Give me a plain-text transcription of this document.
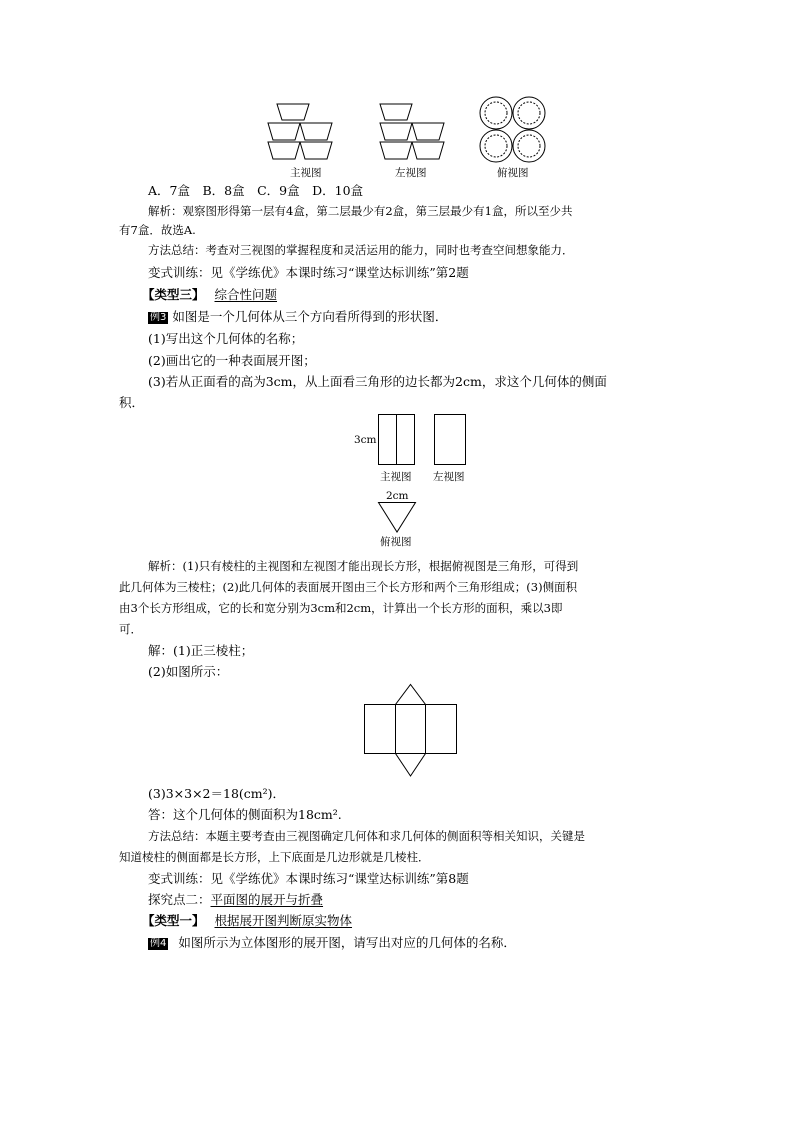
主视图	左视图	俯视图
A．7盒　B．8盒　C．9盒　D．10盒
解析：观察图形得第一层有4盒，第二层最少有2盒，第三层最少有1盒，所以至少共
有7盒．故选A.
方法总结：考查对三视图的掌握程度和灵活运用的能力，同时也考查空间想象能力．
变式训练：见《学练优》本课时练习“课堂达标训练”第2题
【类型三】 综合性问题
例3 如图是一个几何体从三个方向看所得到的形状图．
(1)写出这个几何体的名称；
(2)画出它的一种表面展开图；
(3)若从正面看的高为3cm，从上面看三角形的边长都为2cm，求这个几何体的侧面
积．
3cm
主视图 左视图
2cm
俯视图
解析：(1)只有棱柱的主视图和左视图才能出现长方形，根据俯视图是三角形，可得到
此几何体为三棱柱；(2)此几何体的表面展开图由三个长方形和两个三角形组成；(3)侧面积
由3个长方形组成，它的长和宽分别为3cm和2cm，计算出一个长方形的面积，乘以3即
可．
解：(1)正三棱柱；
(2)如图所示：
(3)3×3×2＝18(cm²)．
答：这个几何体的侧面积为18cm².
方法总结：本题主要考查由三视图确定几何体和求几何体的侧面积等相关知识，关键是
知道棱柱的侧面都是长方形，上下底面是几边形就是几棱柱．
变式训练：见《学练优》本课时练习“课堂达标训练”第8题
探究点二：平面图的展开与折叠
【类型一】 根据展开图判断原实物体
例4 如图所示为立体图形的展开图，请写出对应的几何体的名称．
